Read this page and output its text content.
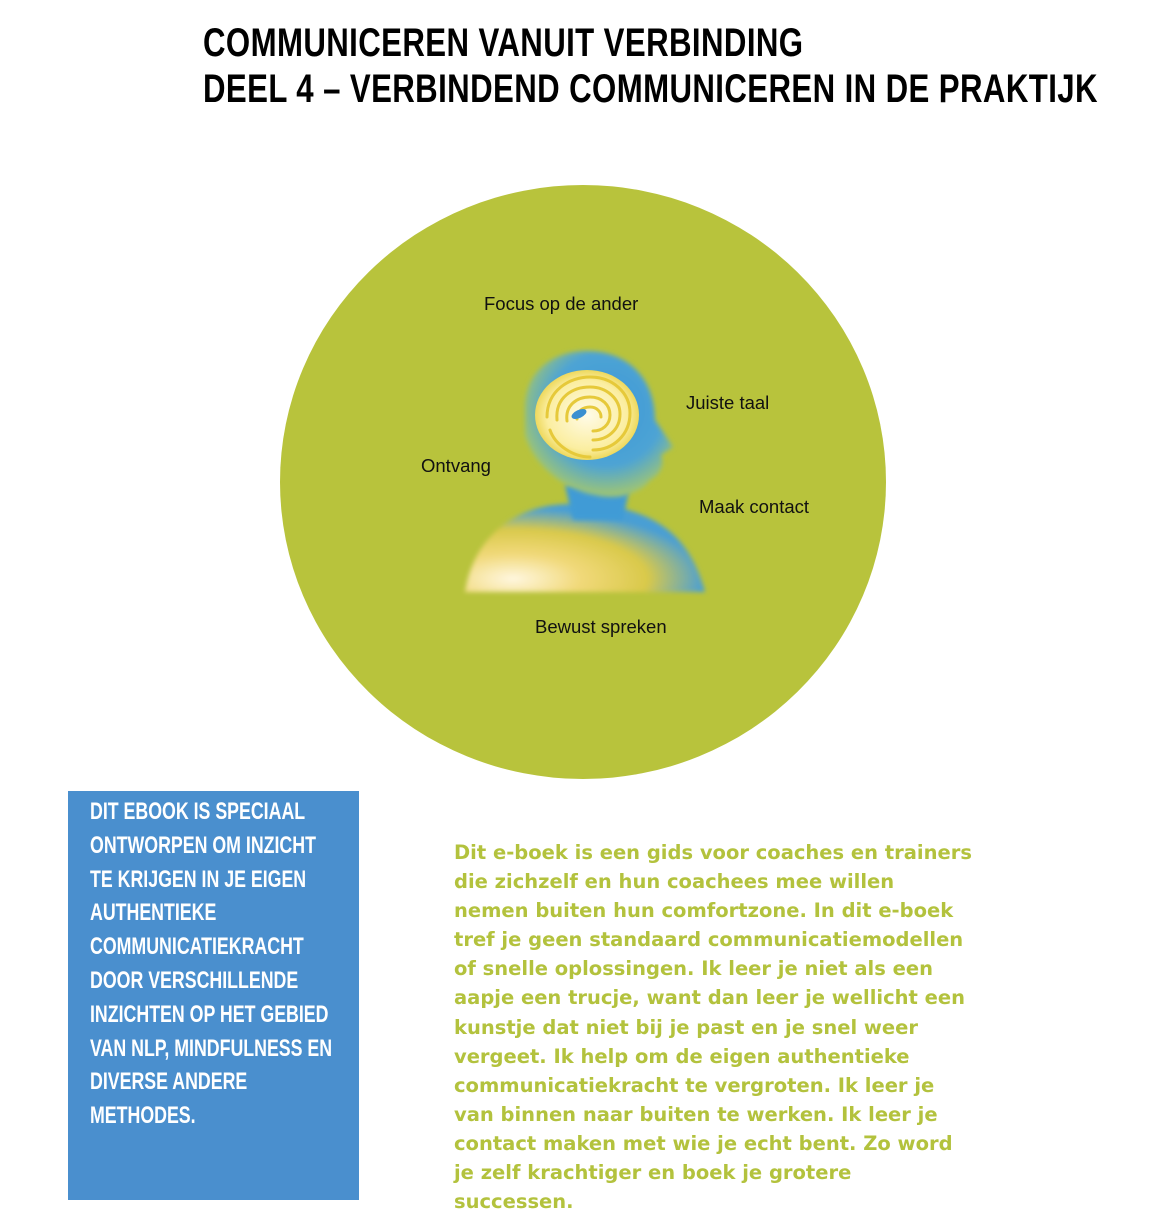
COMMUNICEREN VANUIT VERBINDING
DEEL 4 – VERBINDEND COMMUNICEREN IN DE PRAKTIJK
Focus op de ander
Juiste taal
Ontvang
Maak contact
Bewust spreken

DIT EBOOK IS SPECIAAL ONTWORPEN OM INZICHT TE KRIJGEN IN JE EIGEN AUTHENTIEKE COMMUNICATIEKRACHT DOOR VERSCHILLENDE INZICHTEN OP HET GEBIED VAN NLP, MINDFULNESS EN DIVERSE ANDERE METHODES.

Dit e-boek is een gids voor coaches en trainers die zichzelf en hun coachees mee willen nemen buiten hun comfortzone. In dit e-boek tref je geen standaard communicatiemodellen of snelle oplossingen. Ik leer je niet als een aapje een trucje, want dan leer je wellicht een kunstje dat niet bij je past en je snel weer vergeet. Ik help om de eigen authentieke communicatiekracht te vergroten. Ik leer je van binnen naar buiten te werken. Ik leer je contact maken met wie je echt bent. Zo word je zelf krachtiger en boek je grotere successen.
